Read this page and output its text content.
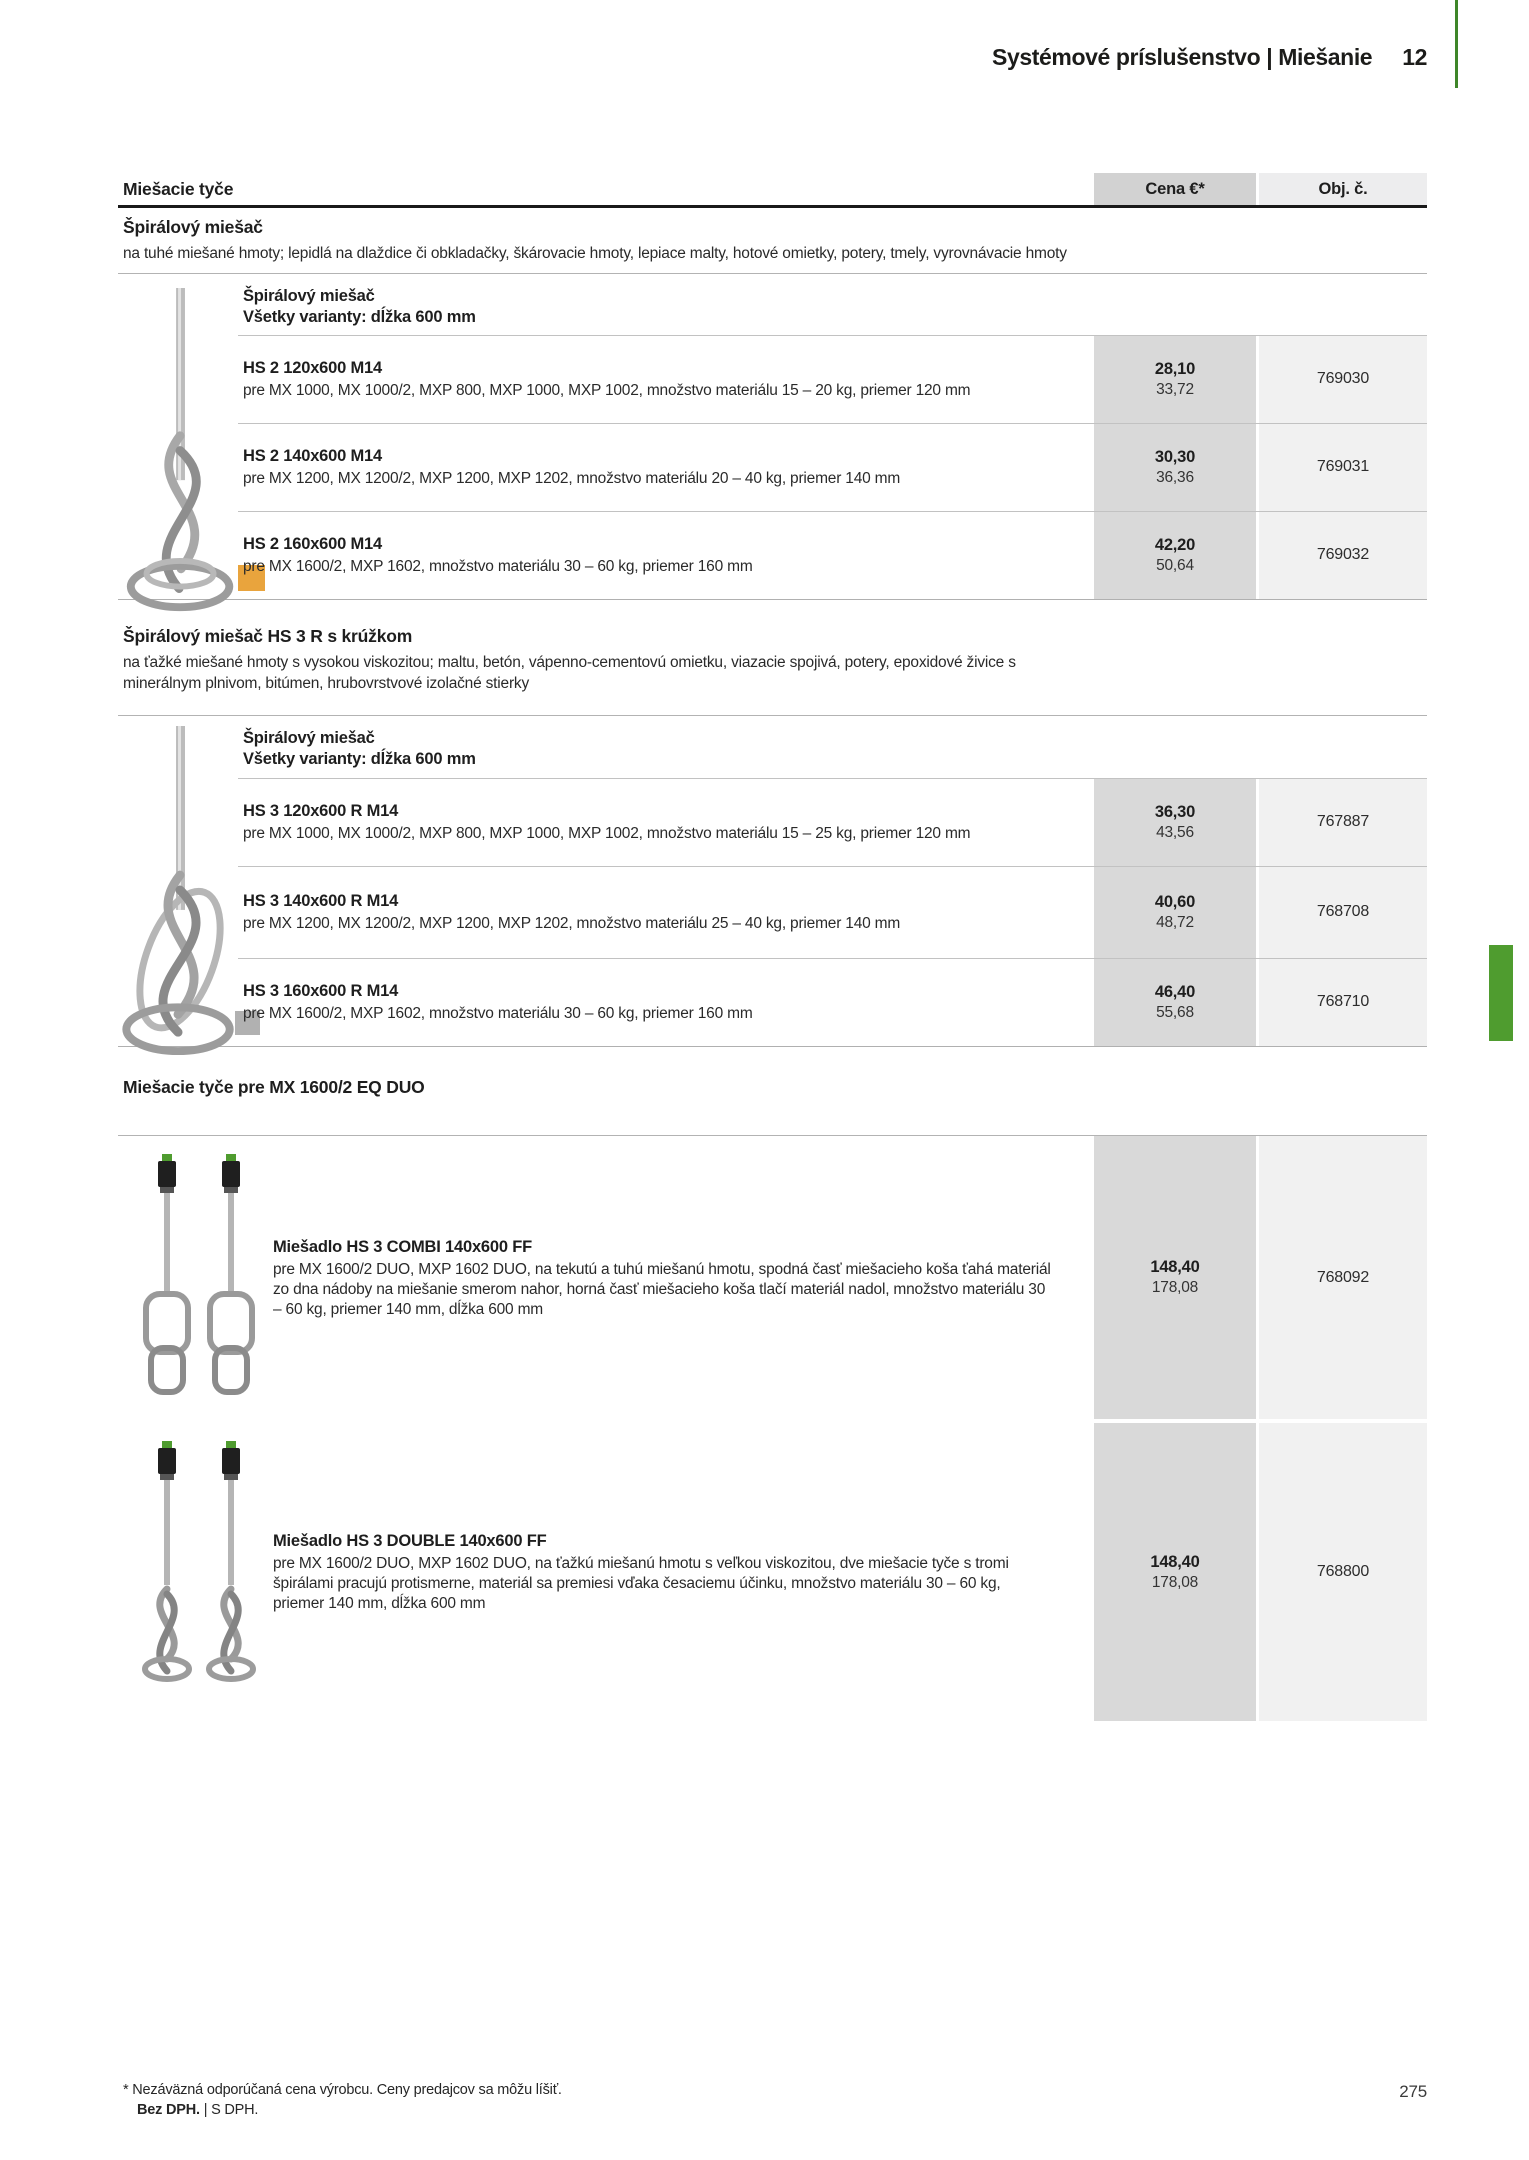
Systémové príslušenstvo | Miešanie 12
Miešacie tyče	Cena €*	Obj. č.
Špirálový miešač
na tuhé miešané hmoty; lepidlá na dlaždice či obkladačky, škárovacie hmoty, lepiace malty, hotové omietky, potery, tmely, vyrovnávacie hmoty
Špirálový miešač
Všetky varianty: dĺžka 600 mm
HS 2 120x600 M14
pre MX 1000, MX 1000/2, MXP 800, MXP 1000, MXP 1002, množstvo materiálu 15 – 20 kg, priemer 120 mm
28,10
33,72
769030
HS 2 140x600 M14
pre MX 1200, MX 1200/2, MXP 1200, MXP 1202, množstvo materiálu 20 – 40 kg, priemer 140 mm
30,30
36,36
769031
HS 2 160x600 M14
pre MX 1600/2, MXP 1602, množstvo materiálu 30 – 60 kg, priemer 160 mm
42,20
50,64
769032
Špirálový miešač HS 3 R s krúžkom
na ťažké miešané hmoty s vysokou viskozitou; maltu, betón, vápenno-cementovú omietku, viazacie spojivá, potery, epoxidové živice s minerálnym plnivom, bitúmen, hrubovrstvové izolačné stierky
Špirálový miešač
Všetky varianty: dĺžka 600 mm
HS 3 120x600 R M14
pre MX 1000, MX 1000/2, MXP 800, MXP 1000, MXP 1002, množstvo materiálu 15 – 25 kg, priemer 120 mm
36,30
43,56
767887
HS 3 140x600 R M14
pre MX 1200, MX 1200/2, MXP 1200, MXP 1202, množstvo materiálu 25 – 40 kg, priemer 140 mm
40,60
48,72
768708
HS 3 160x600 R M14
pre MX 1600/2, MXP 1602, množstvo materiálu 30 – 60 kg, priemer 160 mm
46,40
55,68
768710
Miešacie tyče pre MX 1600/2 EQ DUO
Miešadlo HS 3 COMBI 140x600 FF
pre MX 1600/2 DUO, MXP 1602 DUO, na tekutú a tuhú miešanú hmotu, spodná časť miešacieho koša ťahá materiál zo dna nádoby na miešanie smerom nahor, horná časť miešacieho koša tlačí materiál nadol, množstvo materiálu 30 – 60 kg, priemer 140 mm, dĺžka 600 mm
148,40
178,08
768092
Miešadlo HS 3 DOUBLE 140x600 FF
pre MX 1600/2 DUO, MXP 1602 DUO, na ťažkú miešanú hmotu s veľkou viskozitou, dve miešacie tyče s tromi špirálami pracujú protismerne, materiál sa premiesi vďaka česaciemu účinku, množstvo materiálu 30 – 60 kg, priemer 140 mm, dĺžka 600 mm
148,40
178,08
768800
* Nezáväzná odporúčaná cena výrobcu. Ceny predajcov sa môžu líšiť.
Bez DPH. | S DPH.
275
